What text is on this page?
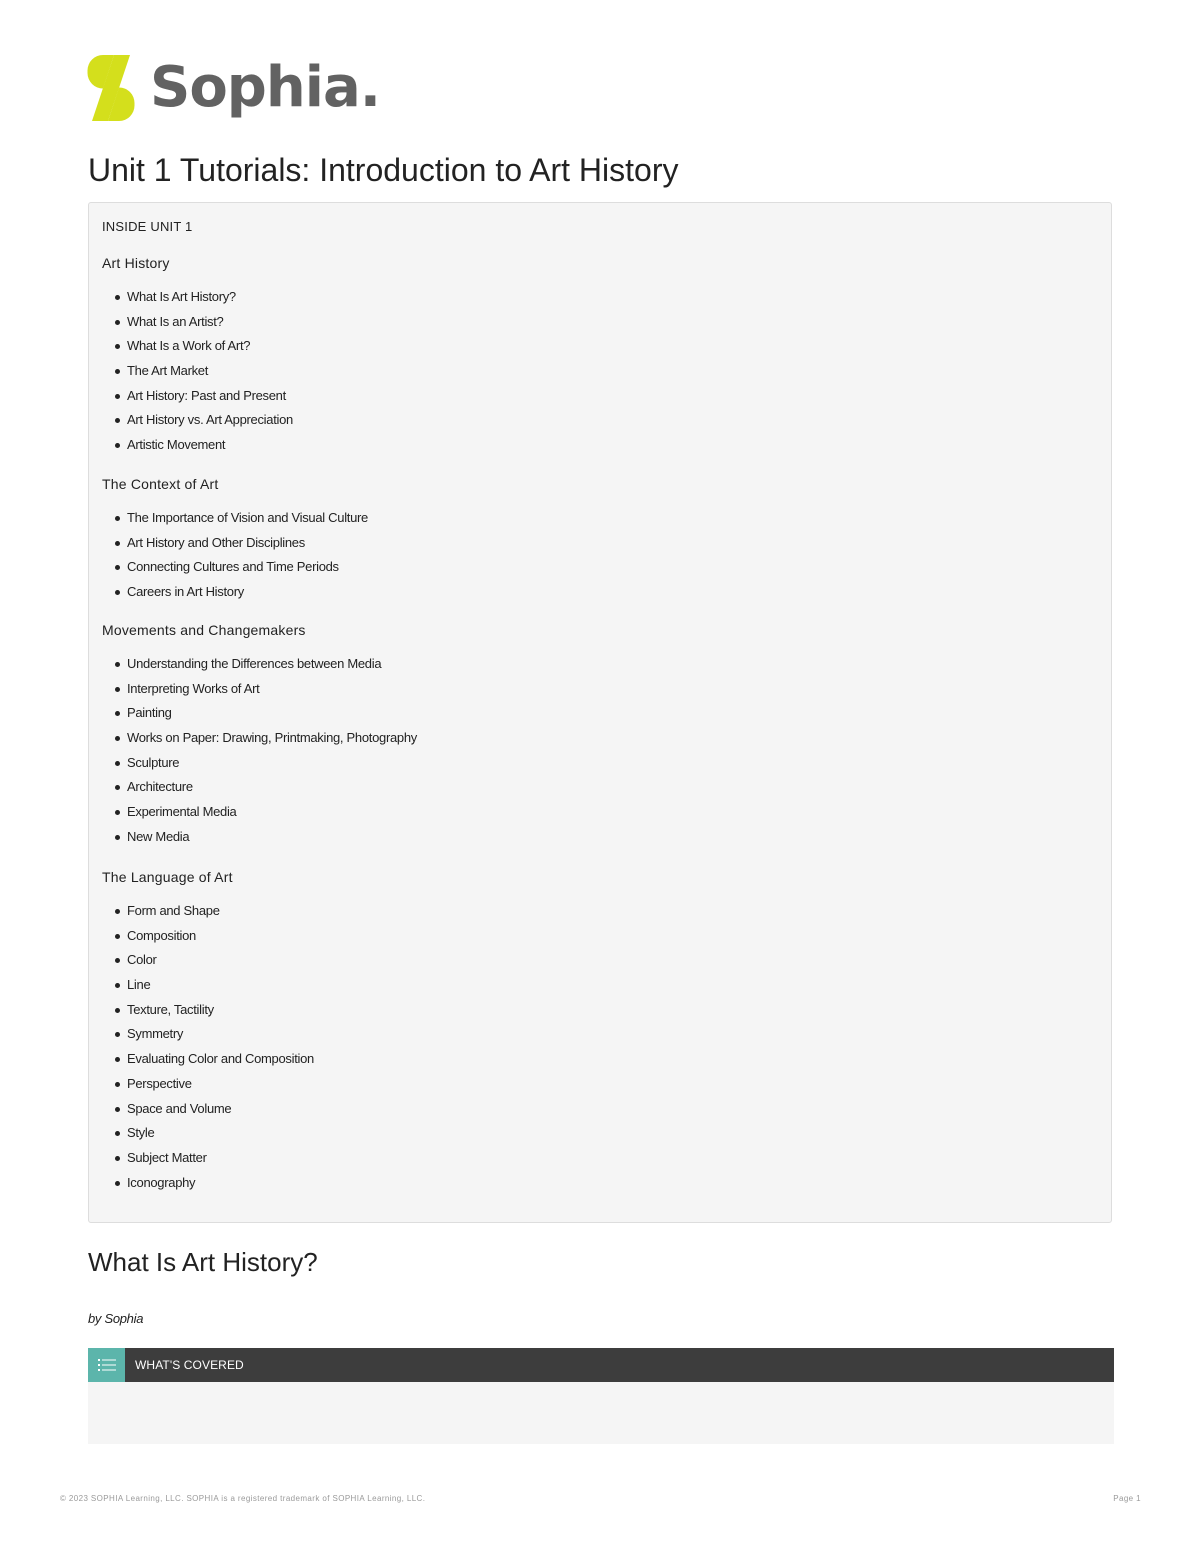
Sophia .
Unit 1 Tutorials: Introduction to Art History
INSIDE UNIT 1
Art History
What Is Art History?
What Is an Artist?
What Is a Work of Art?
The Art Market
Art History: Past and Present
Art History vs. Art Appreciation
Artistic Movement
The Context of Art
The Importance of Vision and Visual Culture
Art History and Other Disciplines
Connecting Cultures and Time Periods
Careers in Art History
Movements and Changemakers
Understanding the Differences between Media
Interpreting Works of Art
Painting
Works on Paper: Drawing, Printmaking, Photography
Sculpture
Architecture
Experimental Media
New Media
The Language of Art
Form and Shape
Composition
Color
Line
Texture, Tactility
Symmetry
Evaluating Color and Composition
Perspective
Space and Volume
Style
Subject Matter
Iconography
What Is Art History?
by Sophia
WHAT'S COVERED
© 2023 SOPHIA Learning, LLC. SOPHIA is a registered trademark of SOPHIA Learning, LLC.	Page 1
